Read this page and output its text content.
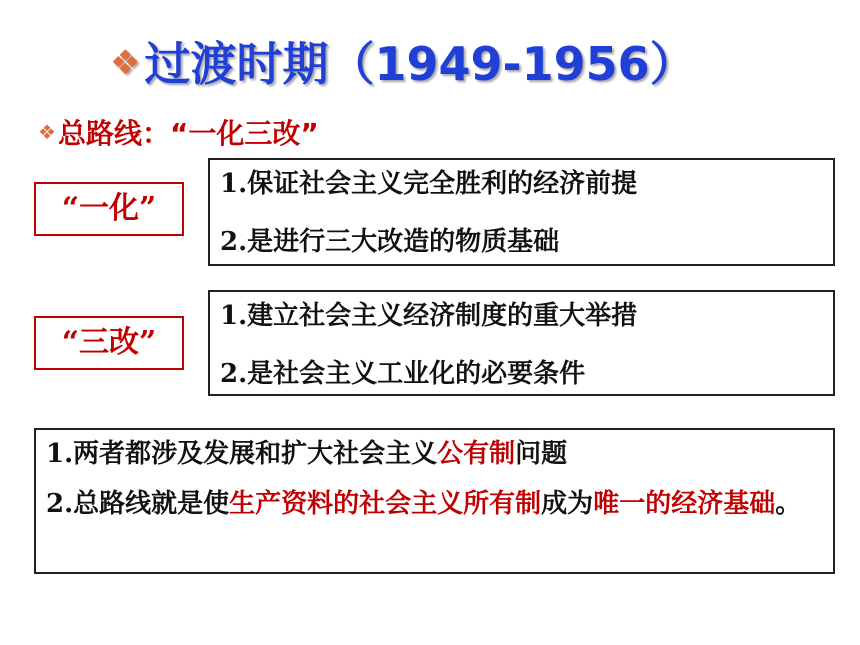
❖过渡时期（1949-1956）
❖总路线：“一化三改”
“一化”

1.保证社会主义完全胜利的经济前提

2.是进行三大改造的物质基础

“三改”

1.建立社会主义经济制度的重大举措

2.是社会主义工业化的必要条件

1.两者都涉及发展和扩大社会主义公有制问题

2.总路线就是使生产资料的社会主义所有制成为唯一的经济基础。
